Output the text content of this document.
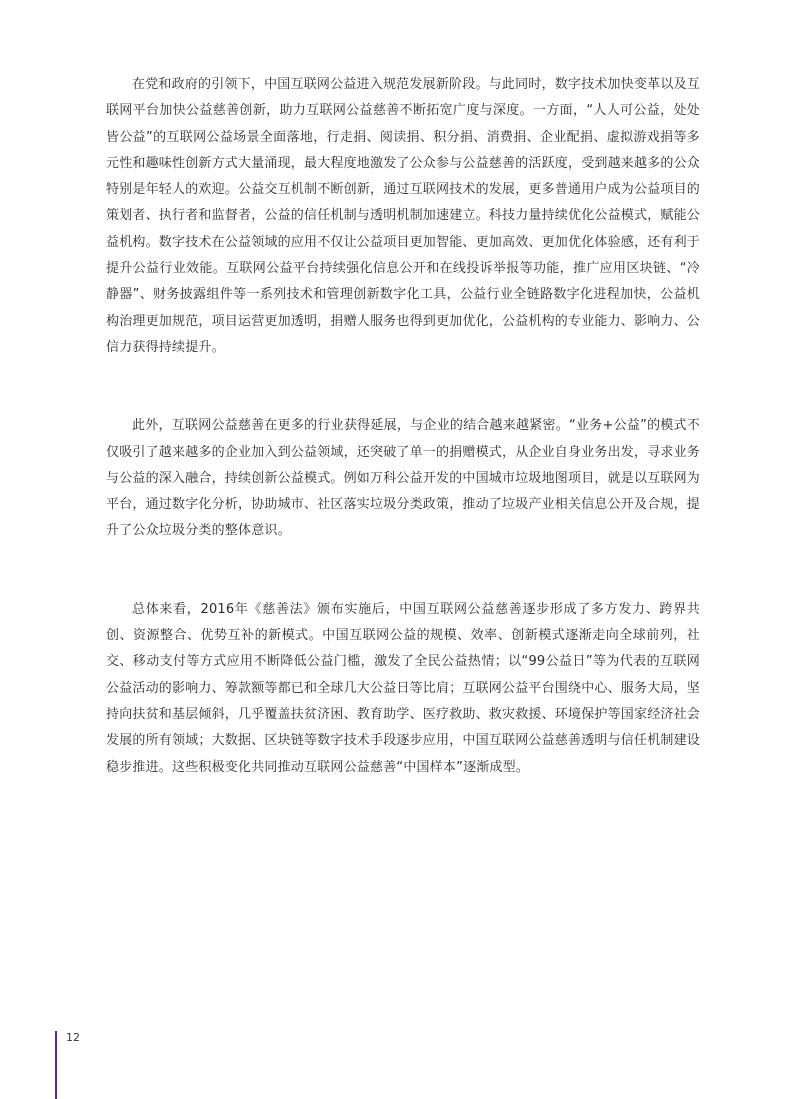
在党和政府的引领下，中国互联网公益进入规范发展新阶段。与此同时，数字技术加快变革以及互联网平台加快公益慈善创新，助力互联网公益慈善不断拓宽广度与深度。一方面，“人人可公益，处处皆公益”的互联网公益场景全面落地，行走捐、阅读捐、积分捐、消费捐、企业配捐、虚拟游戏捐等多元性和趣味性创新方式大量涌现，最大程度地激发了公众参与公益慈善的活跃度，受到越来越多的公众特别是年轻人的欢迎。公益交互机制不断创新，通过互联网技术的发展，更多普通用户成为公益项目的策划者、执行者和监督者，公益的信任机制与透明机制加速建立。科技力量持续优化公益模式，赋能公益机构。数字技术在公益领域的应用不仅让公益项目更加智能、更加高效、更加优化体验感，还有利于提升公益行业效能。互联网公益平台持续强化信息公开和在线投诉举报等功能，推广应用区块链、“冷静器”、财务披露组件等一系列技术和管理创新数字化工具，公益行业全链路数字化进程加快，公益机构治理更加规范，项目运营更加透明，捐赠人服务也得到更加优化，公益机构的专业能力、影响力、公信力获得持续提升。

此外，互联网公益慈善在更多的行业获得延展，与企业的结合越来越紧密。“业务+公益”的模式不仅吸引了越来越多的企业加入到公益领域，还突破了单一的捐赠模式，从企业自身业务出发，寻求业务与公益的深入融合，持续创新公益模式。例如万科公益开发的中国城市垃圾地图项目，就是以互联网为平台，通过数字化分析，协助城市、社区落实垃圾分类政策，推动了垃圾产业相关信息公开及合规，提升了公众垃圾分类的整体意识。

总体来看，2016年《慈善法》颁布实施后，中国互联网公益慈善逐步形成了多方发力、跨界共创、资源整合、优势互补的新模式。中国互联网公益的规模、效率、创新模式逐渐走向全球前列，社交、移动支付等方式应用不断降低公益门槛，激发了全民公益热情；以“99公益日”等为代表的互联网公益活动的影响力、筹款额等都已和全球几大公益日等比肩；互联网公益平台围绕中心、服务大局，坚持向扶贫和基层倾斜，几乎覆盖扶贫济困、教育助学、医疗救助、救灾救援、环境保护等国家经济社会发展的所有领域；大数据、区块链等数字技术手段逐步应用，中国互联网公益慈善透明与信任机制建设稳步推进。这些积极变化共同推动互联网公益慈善“中国样本”逐渐成型。

12
